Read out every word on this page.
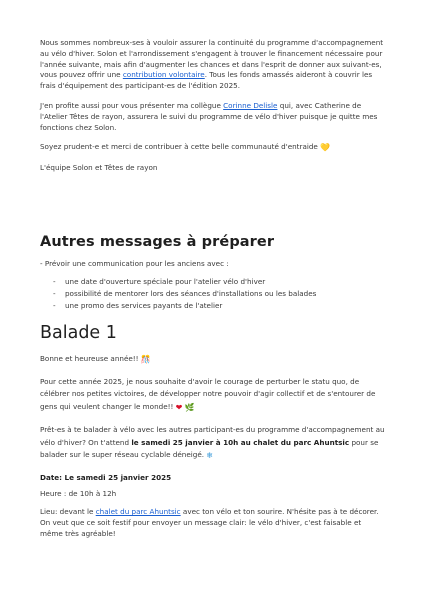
Nous sommes nombreux-ses à vouloir assurer la continuité du programme d'accompagnement au vélo d'hiver. Solon et l'arrondissement s'engagent à trouver le financement nécessaire pour l'année suivante, mais afin d'augmenter les chances et dans l'esprit de donner aux suivant-es, vous pouvez offrir une contribution volontaire. Tous les fonds amassés aideront à couvrir les frais d'équipement des participant-es de l'édition 2025.

J'en profite aussi pour vous présenter ma collègue Corinne Delisle qui, avec Catherine de l'Atelier Têtes de rayon, assurera le suivi du programme de vélo d'hiver puisque je quitte mes fonctions chez Solon.

Soyez prudent-e et merci de contribuer à cette belle communauté d'entraide 💛

L'équipe Solon et Têtes de rayon

Autres messages à préparer

- Prévoir une communication pour les anciens avec :

- une date d'ouverture spéciale pour l'atelier vélo d'hiver
- possibilité de mentorer lors des séances d'installations ou les balades
- une promo des services payants de l'atelier
Balade 1

Bonne et heureuse année!! 🎊

Pour cette année 2025, je nous souhaite d'avoir le courage de perturber le statu quo, de célébrer nos petites victoires, de développer notre pouvoir d'agir collectif et de s'entourer de gens qui veulent changer le monde!! ❤ 🌿

Prêt-es à te balader à vélo avec les autres participant-es du programme d'accompagnement au vélo d'hiver? On t'attend le samedi 25 janvier à 10h au chalet du parc Ahuntsic pour se balader sur le super réseau cyclable déneigé. ❄

Date: Le samedi 25 janvier 2025

Heure : de 10h à 12h

Lieu: devant le chalet du parc Ahuntsic avec ton vélo et ton sourire. N'hésite pas à te décorer. On veut que ce soit festif pour envoyer un message clair: le vélo d'hiver, c'est faisable et même très agréable!
